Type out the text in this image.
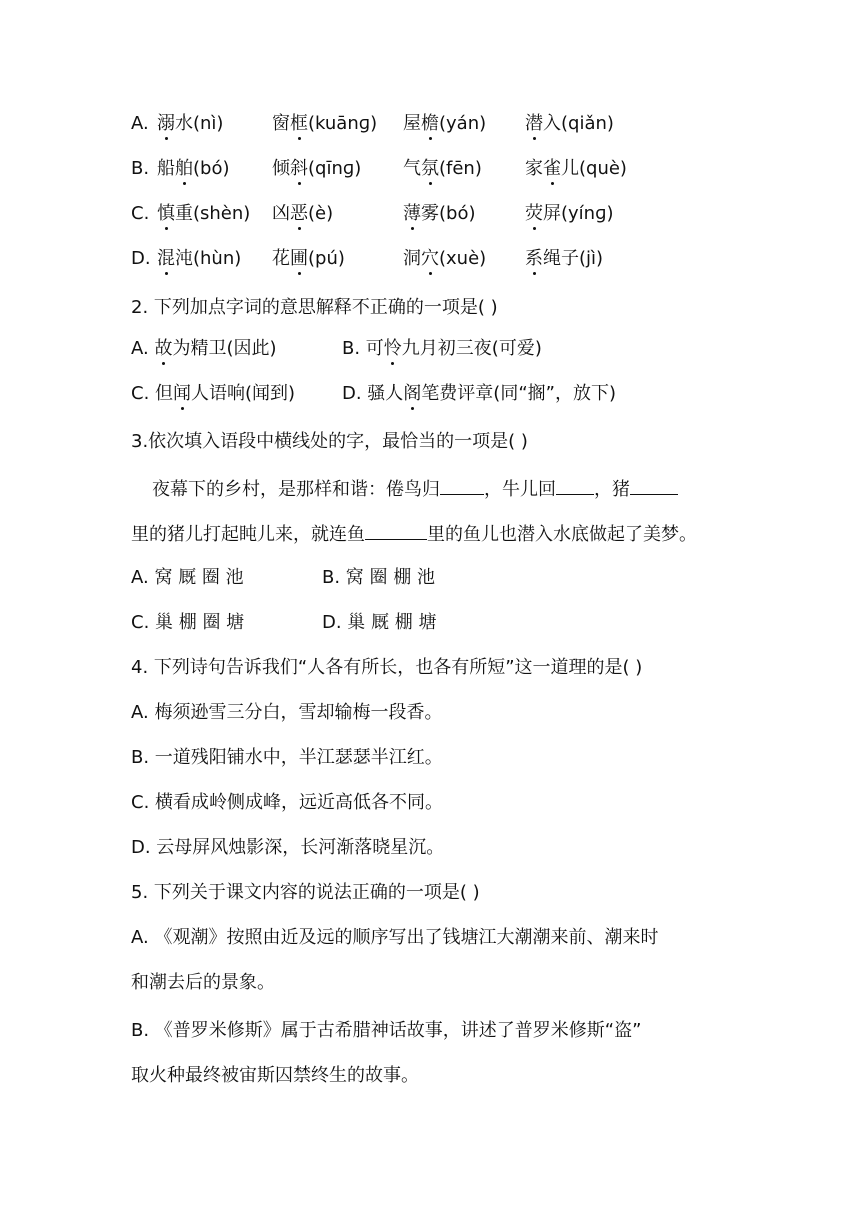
A. 溺水(nì)	窗框(kuānɡ) 屋檐(yán) 潜入(qiǎn)
B. 船舶(bó) 倾斜(qīnɡ) 气氛(fēn) 家雀儿(què)
C. 慎重(shèn) 凶恶(è)	薄雾(bó)	荧屏(yínɡ)
D. 混沌(hùn) 花圃(pú)	洞穴(xuè) 系绳子(jì)
2. 下列加点字词的意思解释不正确的一项是( )
A. 故为精卫(因此)	B. 可怜九月初三夜(可爱)
C. 但闻人语响(闻到)	D. 骚人阁笔费评章(同“搁”，放下)
3.依次填入语段中横线处的字，最恰当的一项是( )
夜幕下的乡村，是那样和谐：倦鸟归 ，牛儿回 ，猪
里的猪儿打起盹儿来，就连鱼	里的鱼儿也潜入水底做起了美梦。
A. 窝 厩 圈 池	B. 窝 圈 棚 池
C. 巢 棚 圈 塘	D. 巢 厩 棚 塘
4. 下列诗句告诉我们“人各有所长，也各有所短”这一道理的是( )
A. 梅须逊雪三分白，雪却输梅一段香。
B. 一道残阳铺水中，半江瑟瑟半江红。
C. 横看成岭侧成峰，远近高低各不同。
D. 云母屏风烛影深，长河渐落晓星沉。
5. 下列关于课文内容的说法正确的一项是( )
A. 《观潮》按照由近及远的顺序写出了钱塘江大潮潮来前、潮来时
和潮去后的景象。
B. 《普罗米修斯》属于古希腊神话故事，讲述了普罗米修斯“盗”
取火种最终被宙斯囚禁终生的故事。
